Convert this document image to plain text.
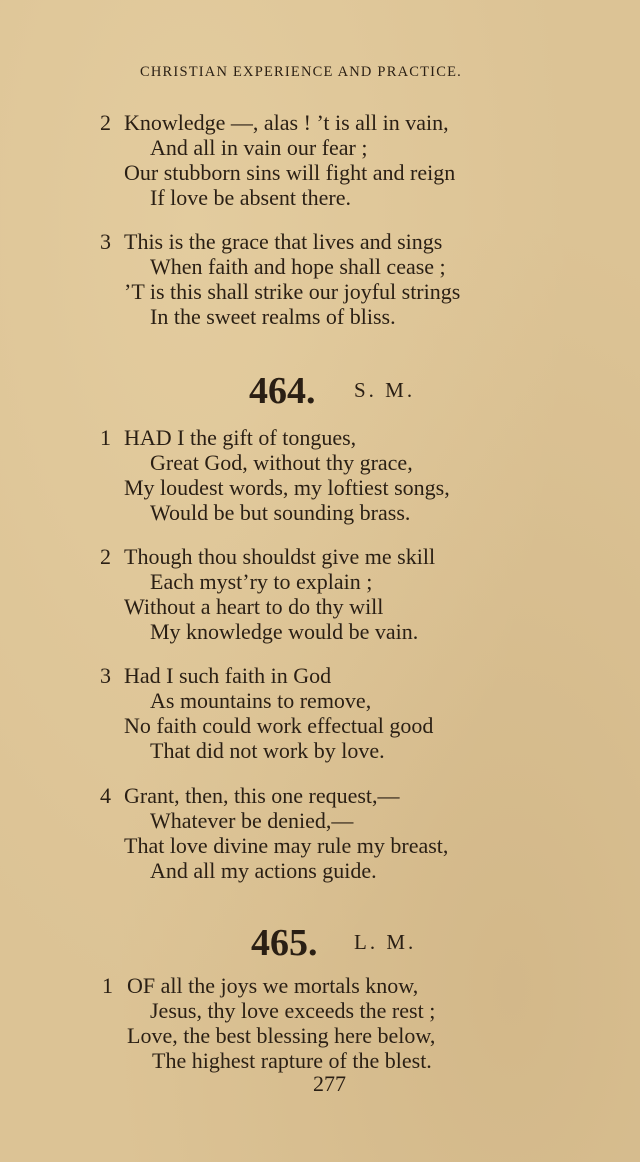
CHRISTIAN EXPERIENCE AND PRACTICE.
2 Knowledge —, alas ! ’t is all in vain,
And all in vain our fear ;
Our stubborn sins will fight and reign
If love be absent there.
3 This is the grace that lives and sings
When faith and hope shall cease ;
’T is this shall strike our joyful strings
In the sweet realms of bliss.
464. S. M.
1 HAD I the gift of tongues,
Great God, without thy grace,
My loudest words, my loftiest songs,
Would be but sounding brass.
2 Though thou shouldst give me skill
Each myst’ry to explain ;
Without a heart to do thy will
My knowledge would be vain.
3 Had I such faith in God
As mountains to remove,
No faith could work effectual good
That did not work by love.
4 Grant, then, this one request,—
Whatever be denied,—
That love divine may rule my breast,
And all my actions guide.
465. L. M.
1 OF all the joys we mortals know,
Jesus, thy love exceeds the rest ;
Love, the best blessing here below,
The highest rapture of the blest.
277
